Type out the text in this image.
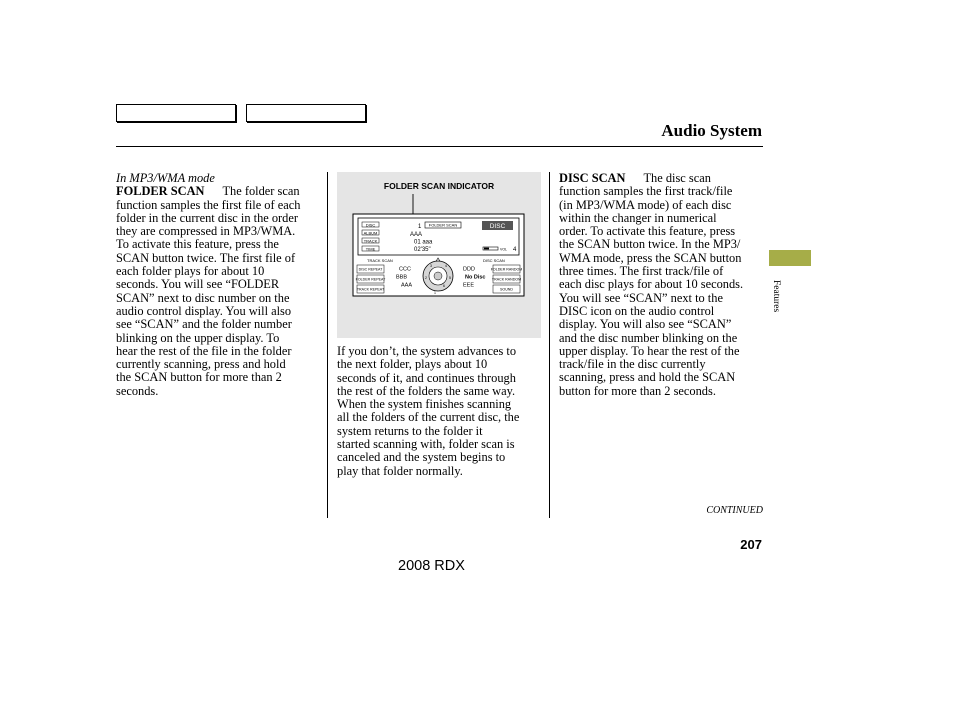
Audio System
In MP3/WMA mode
FOLDER SCAN The folder scan
function samples the first file of each
folder in the current disc in the order
they are compressed in MP3/WMA.
To activate this feature, press the
SCAN button twice. The first file of
each folder plays for about 10
seconds. You will see “FOLDER
SCAN” next to disc number on the
audio control display. You will also
see “SCAN” and the folder number
blinking on the upper display. To
hear the rest of the file in the folder
currently scanning, press and hold
the SCAN button for more than 2
seconds.
FOLDER SCAN INDICATOR
DISC
ALBUM
TRACK
TIME
1 FOLDER SCAN	DISC
AAA
01 aaa
02'35"	VOL 4
TRACK SCAN	DISC SCAN
DISC REPEAT
FOLDER REPEAT
TRACK REPEAT
FOLDER RANDOM
TRACK RANDOM
SOUND
CCC
BBB
AAA
DDD
No Disc
EEE
1
2
3	4
5
6
If you don’t, the system advances to
the next folder, plays about 10
seconds of it, and continues through
the rest of the folders the same way.
When the system finishes scanning
all the folders of the current disc, the
system returns to the folder it
started scanning with, folder scan is
canceled and the system begins to
play that folder normally.
DISC SCAN The disc scan
function samples the first track/file
(in MP3/WMA mode) of each disc
within the changer in numerical
order. To activate this feature, press
the SCAN button twice. In the MP3/
WMA mode, press the SCAN button
three times. The first track/file of
each disc plays for about 10 seconds.
You will see “SCAN” next to the
DISC icon on the audio control
display. You will also see “SCAN”
and the disc number blinking on the
upper display. To hear the rest of the
track/file in the disc currently
scanning, press and hold the SCAN
button for more than 2 seconds.
Features
CONTINUED
207
2008 RDX
